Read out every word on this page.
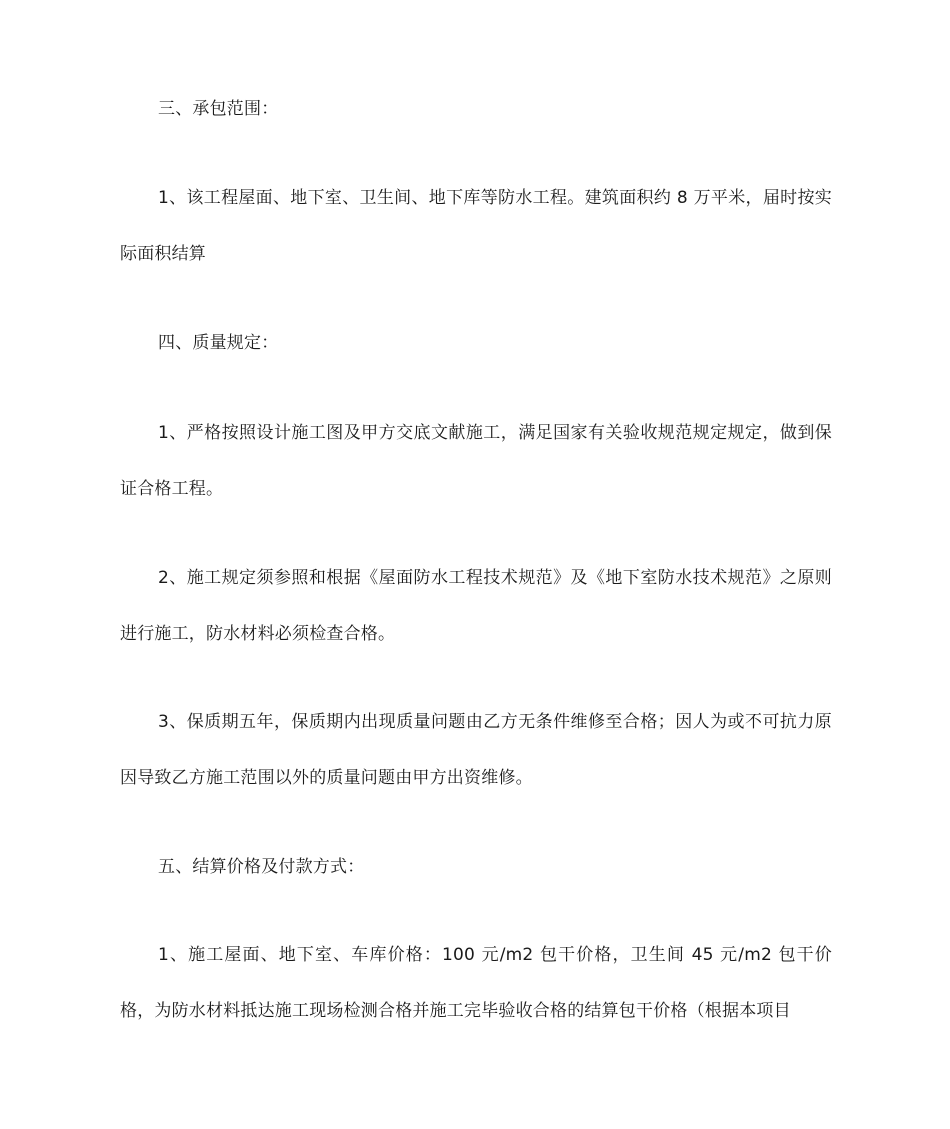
三、承包范围：

1、该工程屋面、地下室、卫生间、地下库等防水工程。建筑面积约 8 万平米，届时按实际面积结算

四、质量规定：

1、严格按照设计施工图及甲方交底文献施工，满足国家有关验收规范规定规定，做到保证合格工程。

2、施工规定须参照和根据《屋面防水工程技术规范》及《地下室防水技术规范》之原则进行施工，防水材料必须检查合格。

3、保质期五年，保质期内出现质量问题由乙方无条件维修至合格；因人为或不可抗力原因导致乙方施工范围以外的质量问题由甲方出资维修。

五、结算价格及付款方式：

1、施工屋面、地下室、车库价格：100 元/m2 包干价格，卫生间 45 元/m2 包干价格，为防水材料抵达施工现场检测合格并施工完毕验收合格的结算包干价格（根据本项目
